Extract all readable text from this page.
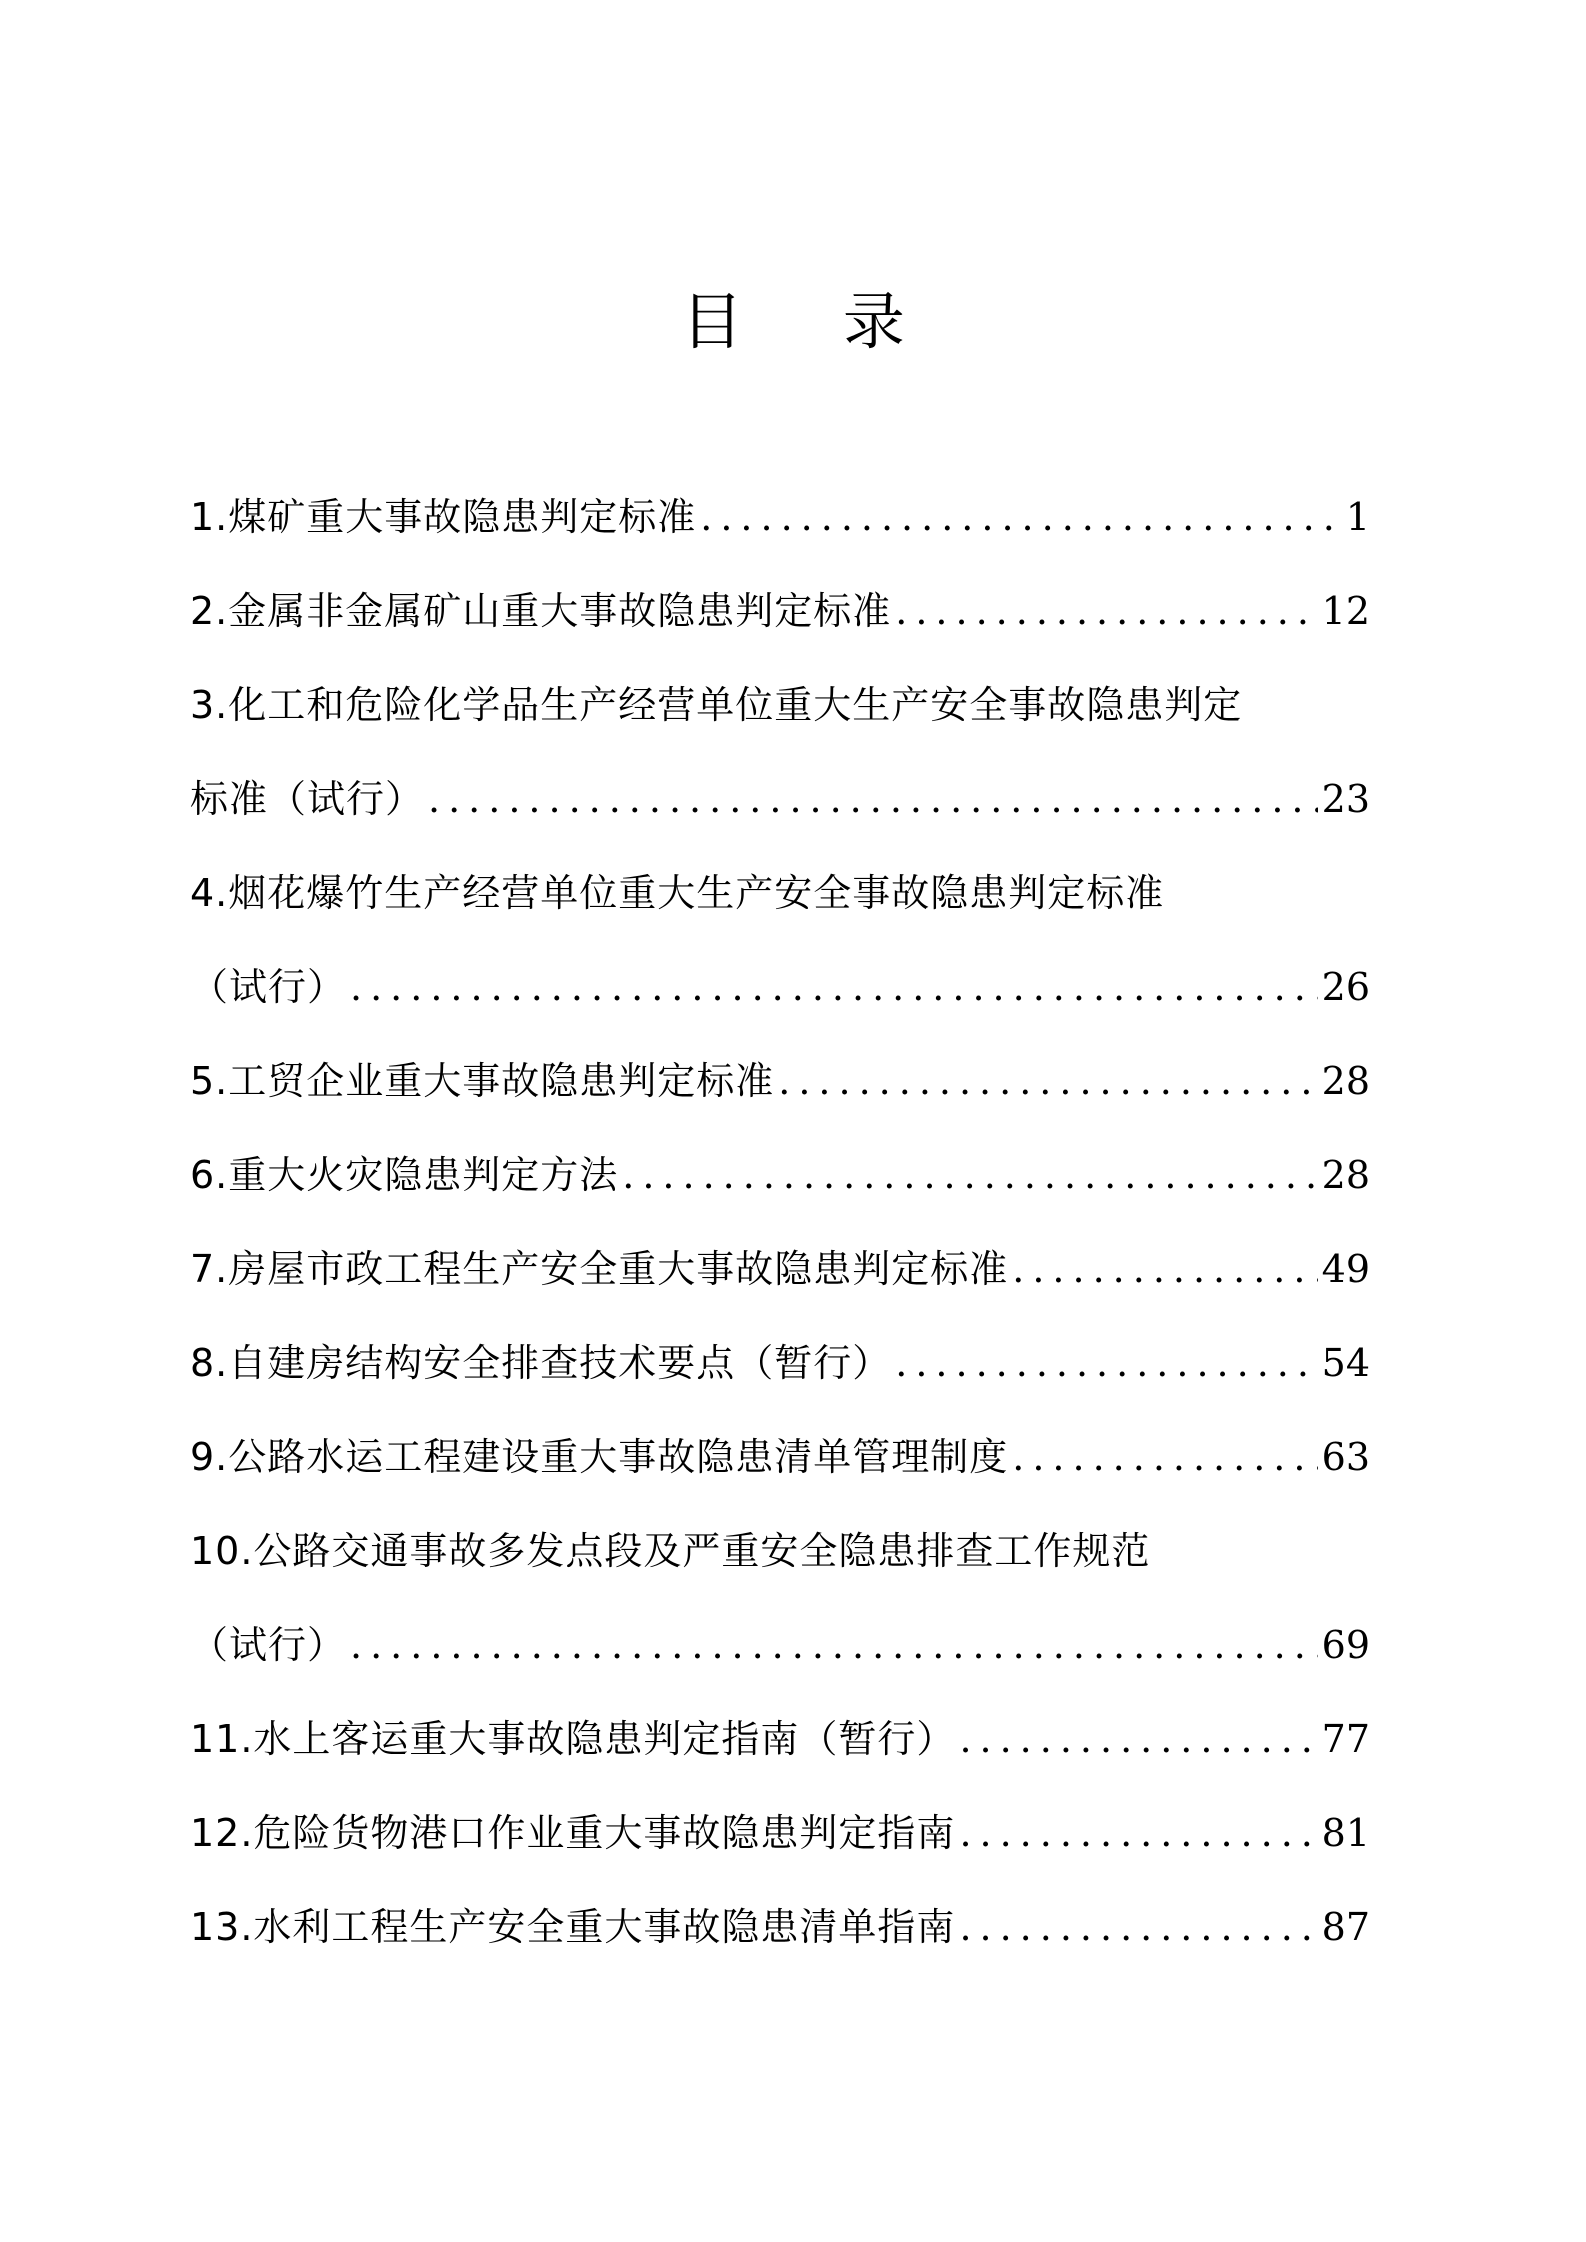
目 录
1.煤矿重大事故隐患判定标准 .....	1
2.金属非金属矿山重大事故隐患判定标准 .....	12
3.化工和危险化学品生产经营单位重大生产安全事故隐患判定
标准（试行） .....	23
4.烟花爆竹生产经营单位重大生产安全事故隐患判定标准
（试行） .....	26
5.工贸企业重大事故隐患判定标准 .....	28
6.重大火灾隐患判定方法 .....	28
7.房屋市政工程生产安全重大事故隐患判定标准 .....	49
8.自建房结构安全排查技术要点（暂行） .....	54
9.公路水运工程建设重大事故隐患清单管理制度 .....	63
10.公路交通事故多发点段及严重安全隐患排查工作规范
（试行） .....	69
11.水上客运重大事故隐患判定指南（暂行） .....	77
12.危险货物港口作业重大事故隐患判定指南 .....	81
13.水利工程生产安全重大事故隐患清单指南 .....	87
